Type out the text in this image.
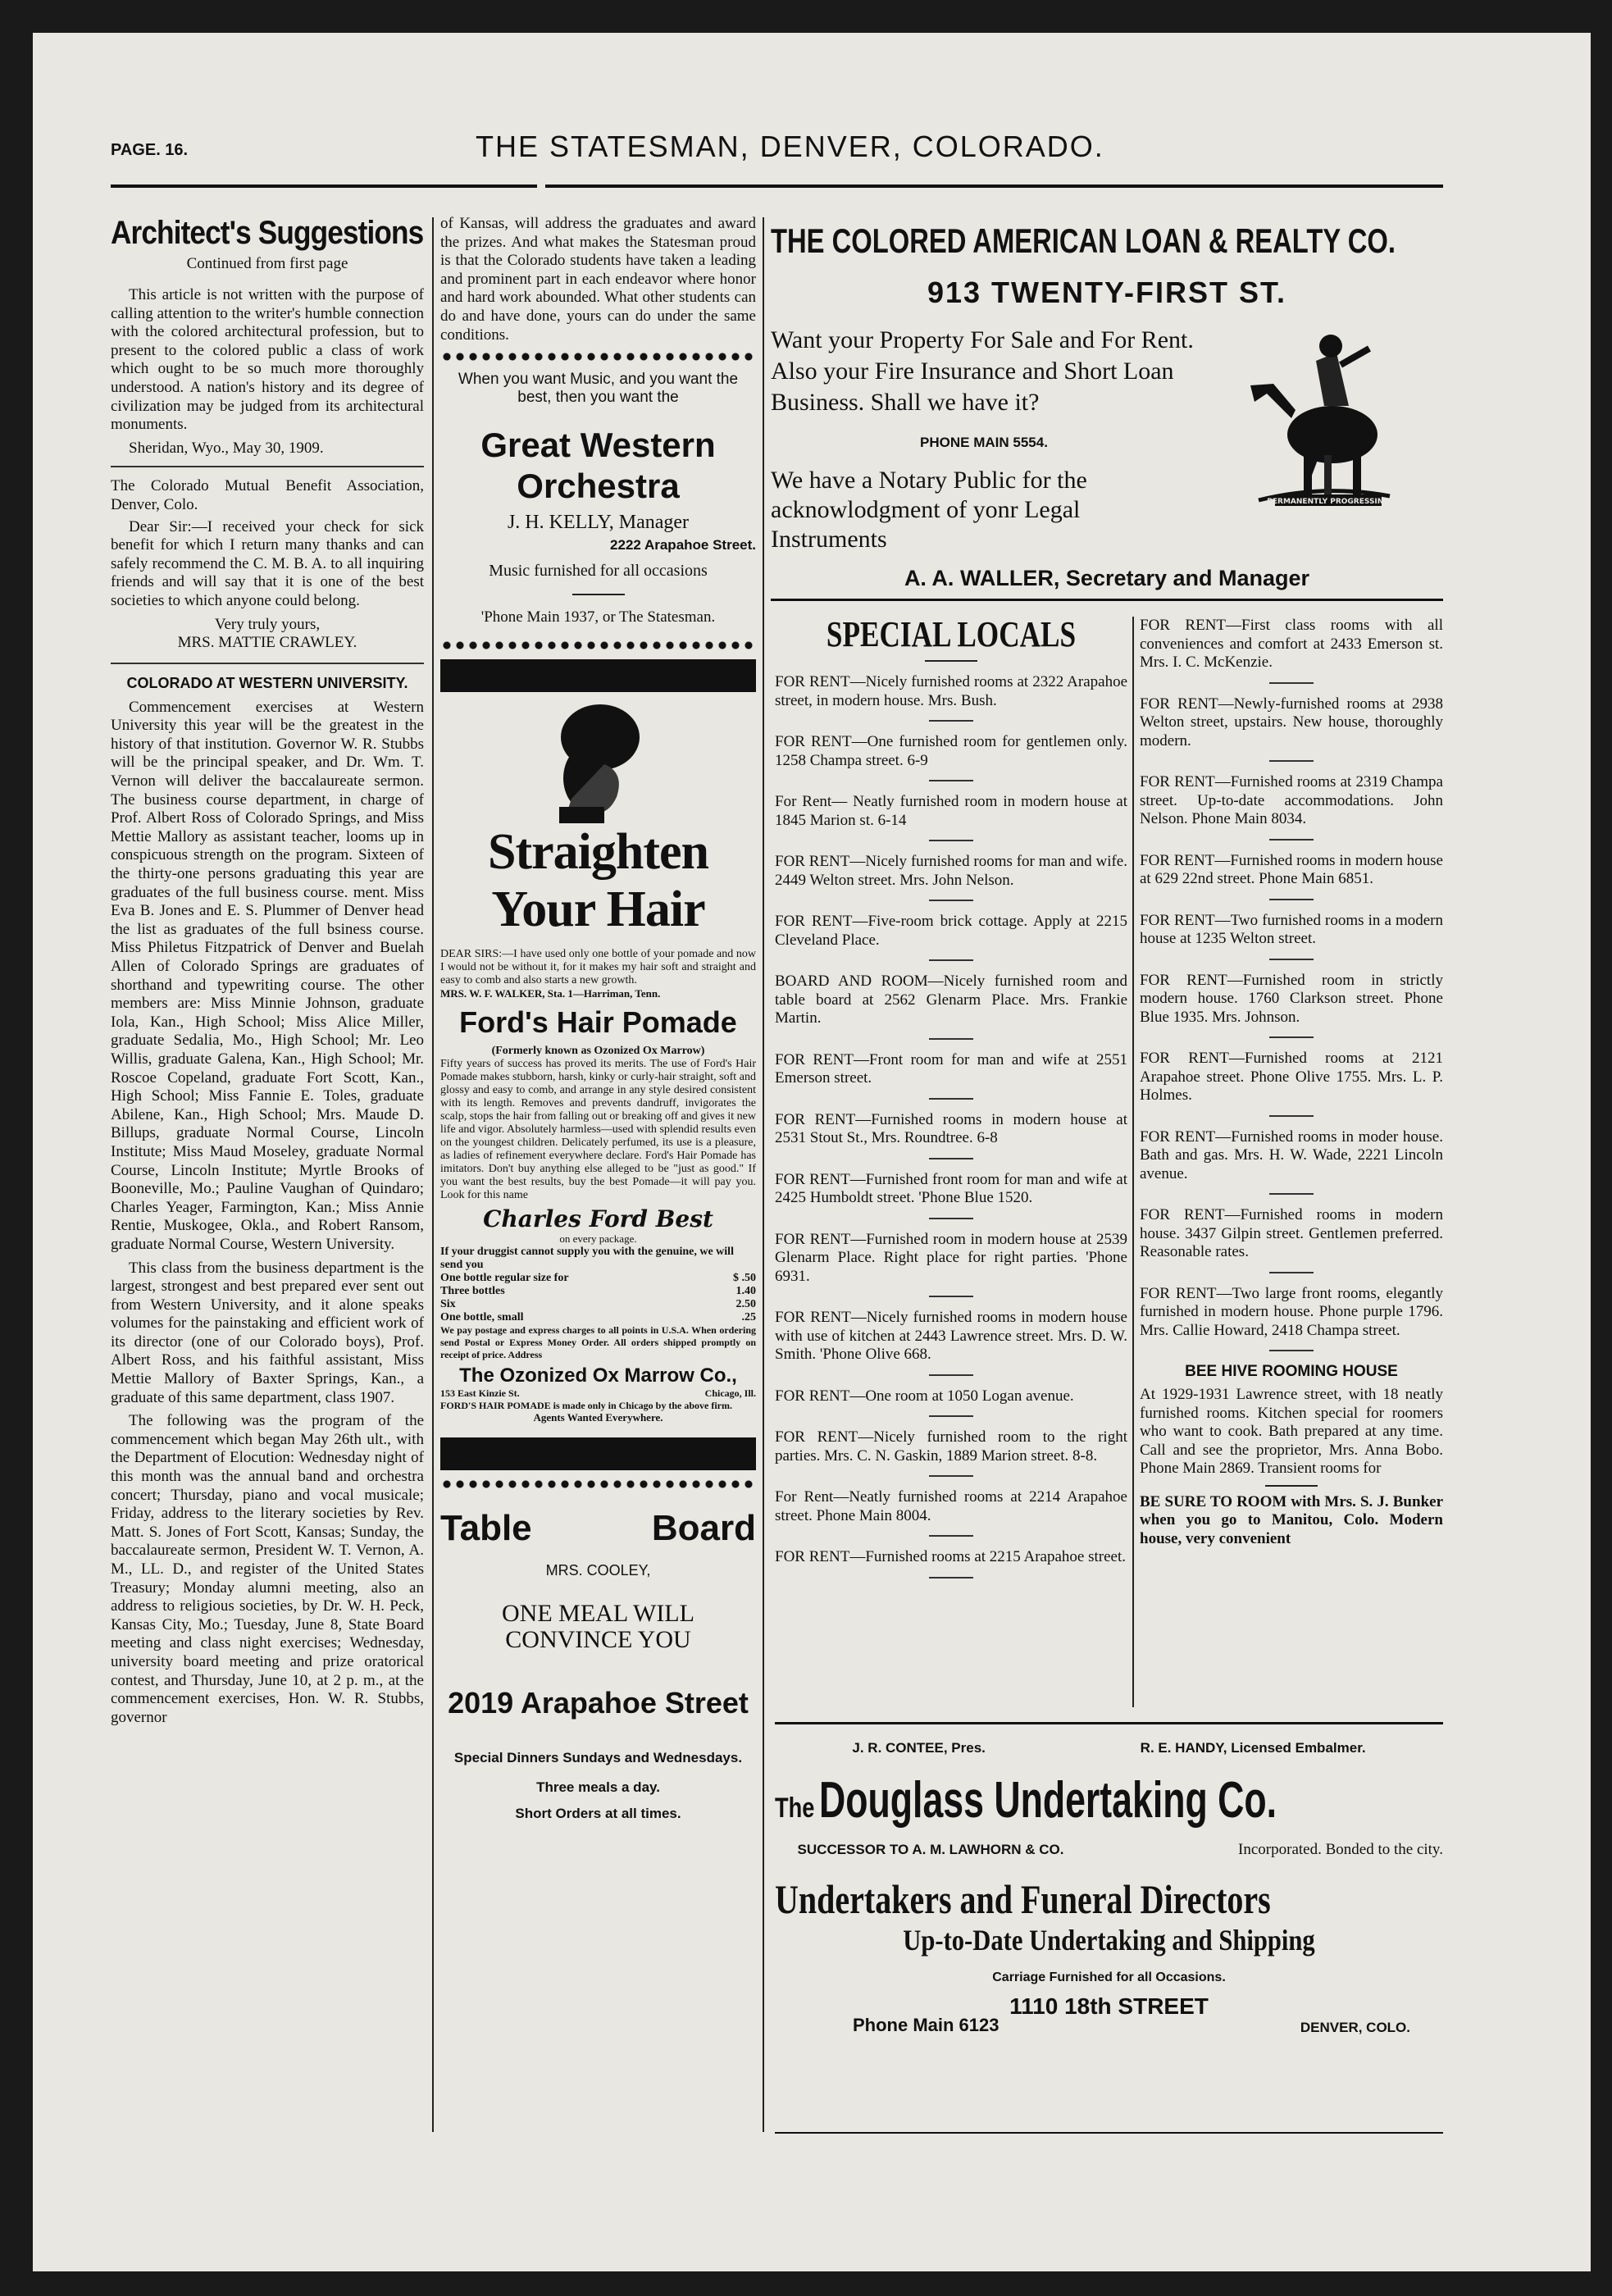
PAGE. 16.	THE STATESMAN, DENVER, COLORADO.
Architect's Suggestions
Continued from first page

This article is not written with the purpose of calling attention to the writer's humble connection with the colored architectural profession, but to present to the colored public a class of work which ought to be so much more thoroughly understood. A nation's history and its degree of civilization may be judged from its architectural monuments.

Sheridan, Wyo., May 30, 1909.

The Colorado Mutual Benefit Association, Denver, Colo.

Dear Sir:—I received your check for sick benefit for which I return many thanks and can safely recommend the C. M. B. A. to all inquiring friends and will say that it is one of the best societies to which anyone could belong.

Very truly yours,
MRS. MATTIE CRAWLEY.
COLORADO AT WESTERN UNIVERSITY.

Commencement exercises at Western University this year will be the greatest in the history of that institution. Governor W. R. Stubbs will be the principal speaker, and Dr. Wm. T. Vernon will deliver the baccalaureate sermon. The business course department, in charge of Prof. Albert Ross of Colorado Springs, and Miss Mettie Mallory as assistant teacher, looms up in conspicuous strength on the program. Sixteen of the thirty-one persons graduating this year are graduates of the full business course. ment. Miss Eva B. Jones and E. S. Plummer of Denver head the list as graduates of the full bsiness course. Miss Philetus Fitzpatrick of Denver and Buelah Allen of Colorado Springs are graduates of shorthand and typewriting course. The other members are: Miss Minnie Johnson, graduate Iola, Kan., High School; Miss Alice Miller, graduate Sedalia, Mo., High School; Mr. Leo Willis, graduate Galena, Kan., High School; Mr. Roscoe Copeland, graduate Fort Scott, Kan., High School; Miss Fannie E. Toles, graduate Abilene, Kan., High School; Mrs. Maude D. Billups, graduate Normal Course, Lincoln Institute; Miss Maud Moseley, graduate Normal Course, Lincoln Institute; Myrtle Brooks of Booneville, Mo.; Pauline Vaughan of Quindaro; Charles Yeager, Farmington, Kan.; Miss Annie Rentie, Muskogee, Okla., and Robert Ransom, graduate Normal Course, Western University.

This class from the business department is the largest, strongest and best prepared ever sent out from Western University, and it alone speaks volumes for the painstaking and efficient work of its director (one of our Colorado boys), Prof. Albert Ross, and his faithful assistant, Miss Mettie Mallory of Baxter Springs, Kan., a graduate of this same department, class 1907.

The following was the program of the commencement which began May 26th ult., with the Department of Elocution: Wednesday night of this month was the annual band and orchestra concert; Thursday, piano and vocal musicale; Friday, address to the literary societies by Rev. Matt. S. Jones of Fort Scott, Kansas; Sunday, the baccalaureate sermon, President W. T. Vernon, A. M., LL. D., and register of the United States Treasury; Monday alumni meeting, also an address to religious societies, by Dr. W. H. Peck, Kansas City, Mo.; Tuesday, June 8, State Board meeting and class night exercises; Wednesday, university board meeting and prize oratorical contest, and Thursday, June 10, at 2 p. m., at the commencement exercises, Hon. W. R. Stubbs, governor

of Kansas, will address the graduates and award the prizes. And what makes the Statesman proud is that the Colorado students have taken a leading and prominent part in each endeavor where honor and hard work abounded. What other students can do and have done, yours can do under the same conditions.

When you want Music, and you want the best, then you want the
Great Western Orchestra
J. H. KELLY, Manager
2222 Arapahoe Street.
Music furnished for all occasions
'Phone Main 1937, or The Statesman.
Straighten Your Hair
DEAR SIRS:—I have used only one bottle of your pomade and now I would not be without it, for it makes my hair soft and straight and easy to comb and also starts a new growth.
MRS. W. F. WALKER, Sta. 1—Harriman, Tenn.
Ford's Hair Pomade
(Formerly known as Ozonized Ox Marrow)
Fifty years of success has proved its merits. The use of Ford's Hair Pomade makes stubborn, harsh, kinky or curly-hair straight, soft and glossy and easy to comb, and arrange in any style desired consistent with its length. Removes and prevents dandruff, invigorates the scalp, stops the hair from falling out or breaking off and gives it new life and vigor. Absolutely harmless—used with splendid results even on the youngest children. Delicately perfumed, its use is a pleasure, as ladies of refinement everywhere declare. Ford's Hair Pomade has imitators. Don't buy anything else alleged to be "just as good." If you want the best results, buy the best Pomade—it will pay you. Look for this name
Charles Ford Best
on every package.
If your druggist cannot supply you with the genuine, we will send you
One bottle regular size for	$ .50
Three bottles	1.40
Six	2.50
One bottle, small	.25
We pay postage and express charges to all points in U.S.A. When ordering send Postal or Express Money Order. All orders shipped promptly on receipt of price. Address
The Ozonized Ox Marrow Co.,
153 East Kinzie St.	Chicago, Ill.
FORD'S HAIR POMADE is made only in Chicago by the above firm.
Agents Wanted Everywhere.
Table Board
MRS. COOLEY,
ONE MEAL WILL CONVINCE YOU
2019 Arapahoe Street
Special Dinners Sundays and Wednesdays. Three meals a day.
Short Orders at all times.
THE COLORED AMERICAN LOAN & REALTY CO.
913 TWENTY-FIRST ST.
Want your Property For Sale and For Rent. Also your Fire Insurance and Short Loan Business. Shall we have it?
PHONE MAIN 5554.
We have a Notary Public for the acknowlodgment of yonr Legal Instruments
A. A. WALLER, Secretary and Manager
PERMANENTLY PROGRESSING
SPECIAL LOCALS
FOR RENT—Nicely furnished rooms at 2322 Arapahoe street, in modern house. Mrs. Bush.
FOR RENT—One furnished room for gentlemen only. 1258 Champa street. 6-9
For Rent— Neatly furnished room in modern house at 1845 Marion st. 6-14
FOR RENT—Nicely furnished rooms for man and wife. 2449 Welton street. Mrs. John Nelson.
FOR RENT—Five-room brick cottage. Apply at 2215 Cleveland Place.
BOARD AND ROOM—Nicely furnished room and table board at 2562 Glenarm Place. Mrs. Frankie Martin.
FOR RENT—Front room for man and wife at 2551 Emerson street.
FOR RENT—Furnished rooms in modern house at 2531 Stout St., Mrs. Roundtree. 6-8
FOR RENT—Furnished front room for man and wife at 2425 Humboldt street. 'Phone Blue 1520.
FOR RENT—Furnished room in modern house at 2539 Glenarm Place. Right place for right parties. 'Phone 6931.
FOR RENT—Nicely furnished rooms in modern house with use of kitchen at 2443 Lawrence street. Mrs. D. W. Smith. 'Phone Olive 668.
FOR RENT—One room at 1050 Logan avenue.
FOR RENT—Nicely furnished room to the right parties. Mrs. C. N. Gaskin, 1889 Marion street. 8-8.
For Rent—Neatly furnished rooms at 2214 Arapahoe street. Phone Main 8004.
FOR RENT—Furnished rooms at 2215 Arapahoe street.
FOR RENT—First class rooms with all conveniences and comfort at 2433 Emerson st. Mrs. I. C. McKenzie.
FOR RENT—Newly-furnished rooms at 2938 Welton street, upstairs. New house, thoroughly modern.
FOR RENT—Furnished rooms at 2319 Champa street. Up-to-date accommodations. John Nelson. Phone Main 8034.
FOR RENT—Furnished rooms in modern house at 629 22nd street. Phone Main 6851.
FOR RENT—Two furnished rooms in a modern house at 1235 Welton street.
FOR RENT—Furnished room in strictly modern house. 1760 Clarkson street. Phone Blue 1935. Mrs. Johnson.
FOR RENT—Furnished rooms at 2121 Arapahoe street. Phone Olive 1755. Mrs. L. P. Holmes.
FOR RENT—Furnished rooms in moder house. Bath and gas. Mrs. H. W. Wade, 2221 Lincoln avenue.
FOR RENT—Furnished rooms in modern house. 3437 Gilpin street. Gentlemen preferred. Reasonable rates.
FOR RENT—Two large front rooms, elegantly furnished in modern house. Phone purple 1796. Mrs. Callie Howard, 2418 Champa street.
BEE HIVE ROOMING HOUSE
At 1929-1931 Lawrence street, with 18 neatly furnished rooms. Kitchen special for roomers who want to cook. Bath prepared at any time. Call and see the proprietor, Mrs. Anna Bobo. Phone Main 2869. Transient rooms for
BE SURE TO ROOM with Mrs. S. J. Bunker when you go to Manitou, Colo. Modern house, very convenient
J. R. CONTEE, Pres.	R. E. HANDY, Licensed Embalmer.
The Douglass Undertaking Co.
SUCCESSOR TO A. M. LAWHORN & CO.	Incorporated. Bonded to the city.
Undertakers and Funeral Directors
Up-to-Date Undertaking and Shipping
Carriage Furnished for all Occasions.
1110 18th STREET
Phone Main 6123	DENVER, COLO.
